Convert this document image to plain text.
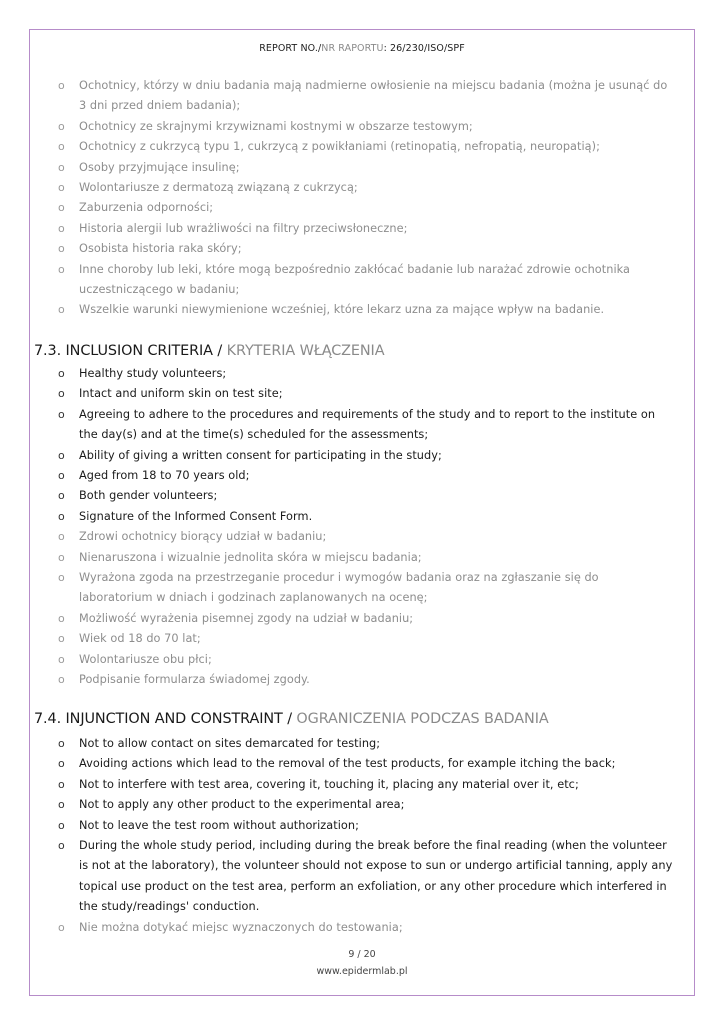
REPORT NO./NR RAPORTU: 26/230/ISO/SPF
o Ochotnicy, którzy w dniu badania mają nadmierne owłosienie na miejscu badania (można je usunąć do 3 dni przed dniem badania);
o Ochotnicy ze skrajnymi krzywiznami kostnymi w obszarze testowym;
o Ochotnicy z cukrzycą typu 1, cukrzycą z powikłaniami (retinopatią, nefropatią, neuropatią);
o Osoby przyjmujące insulinę;
o Wolontariusze z dermatozą związaną z cukrzycą;
o Zaburzenia odporności;
o Historia alergii lub wrażliwości na filtry przeciwsłoneczne;
o Osobista historia raka skóry;
o Inne choroby lub leki, które mogą bezpośrednio zakłócać badanie lub narażać zdrowie ochotnika uczestniczącego w badaniu;
o Wszelkie warunki niewymienione wcześniej, które lekarz uzna za mające wpływ na badanie.
7.3. INCLUSION CRITERIA / KRYTERIA WŁĄCZENIA
o Healthy study volunteers;
o Intact and uniform skin on test site;
o Agreeing to adhere to the procedures and requirements of the study and to report to the institute on the day(s) and at the time(s) scheduled for the assessments;
o Ability of giving a written consent for participating in the study;
o Aged from 18 to 70 years old;
o Both gender volunteers;
o Signature of the Informed Consent Form.
o Zdrowi ochotnicy biorący udział w badaniu;
o Nienaruszona i wizualnie jednolita skóra w miejscu badania;
o Wyrażona zgoda na przestrzeganie procedur i wymogów badania oraz na zgłaszanie się do laboratorium w dniach i godzinach zaplanowanych na ocenę;
o Możliwość wyrażenia pisemnej zgody na udział w badaniu;
o Wiek od 18 do 70 lat;
o Wolontariusze obu płci;
o Podpisanie formularza świadomej zgody.
7.4. INJUNCTION AND CONSTRAINT / OGRANICZENIA PODCZAS BADANIA
o Not to allow contact on sites demarcated for testing;
o Avoiding actions which lead to the removal of the test products, for example itching the back;
o Not to interfere with test area, covering it, touching it, placing any material over it, etc;
o Not to apply any other product to the experimental area;
o Not to leave the test room without authorization;
o During the whole study period, including during the break before the final reading (when the volunteer is not at the laboratory), the volunteer should not expose to sun or undergo artificial tanning, apply any topical use product on the test area, perform an exfoliation, or any other procedure which interfered in the study/readings' conduction.
o Nie można dotykać miejsc wyznaczonych do testowania;
9 / 20
www.epidermlab.pl
